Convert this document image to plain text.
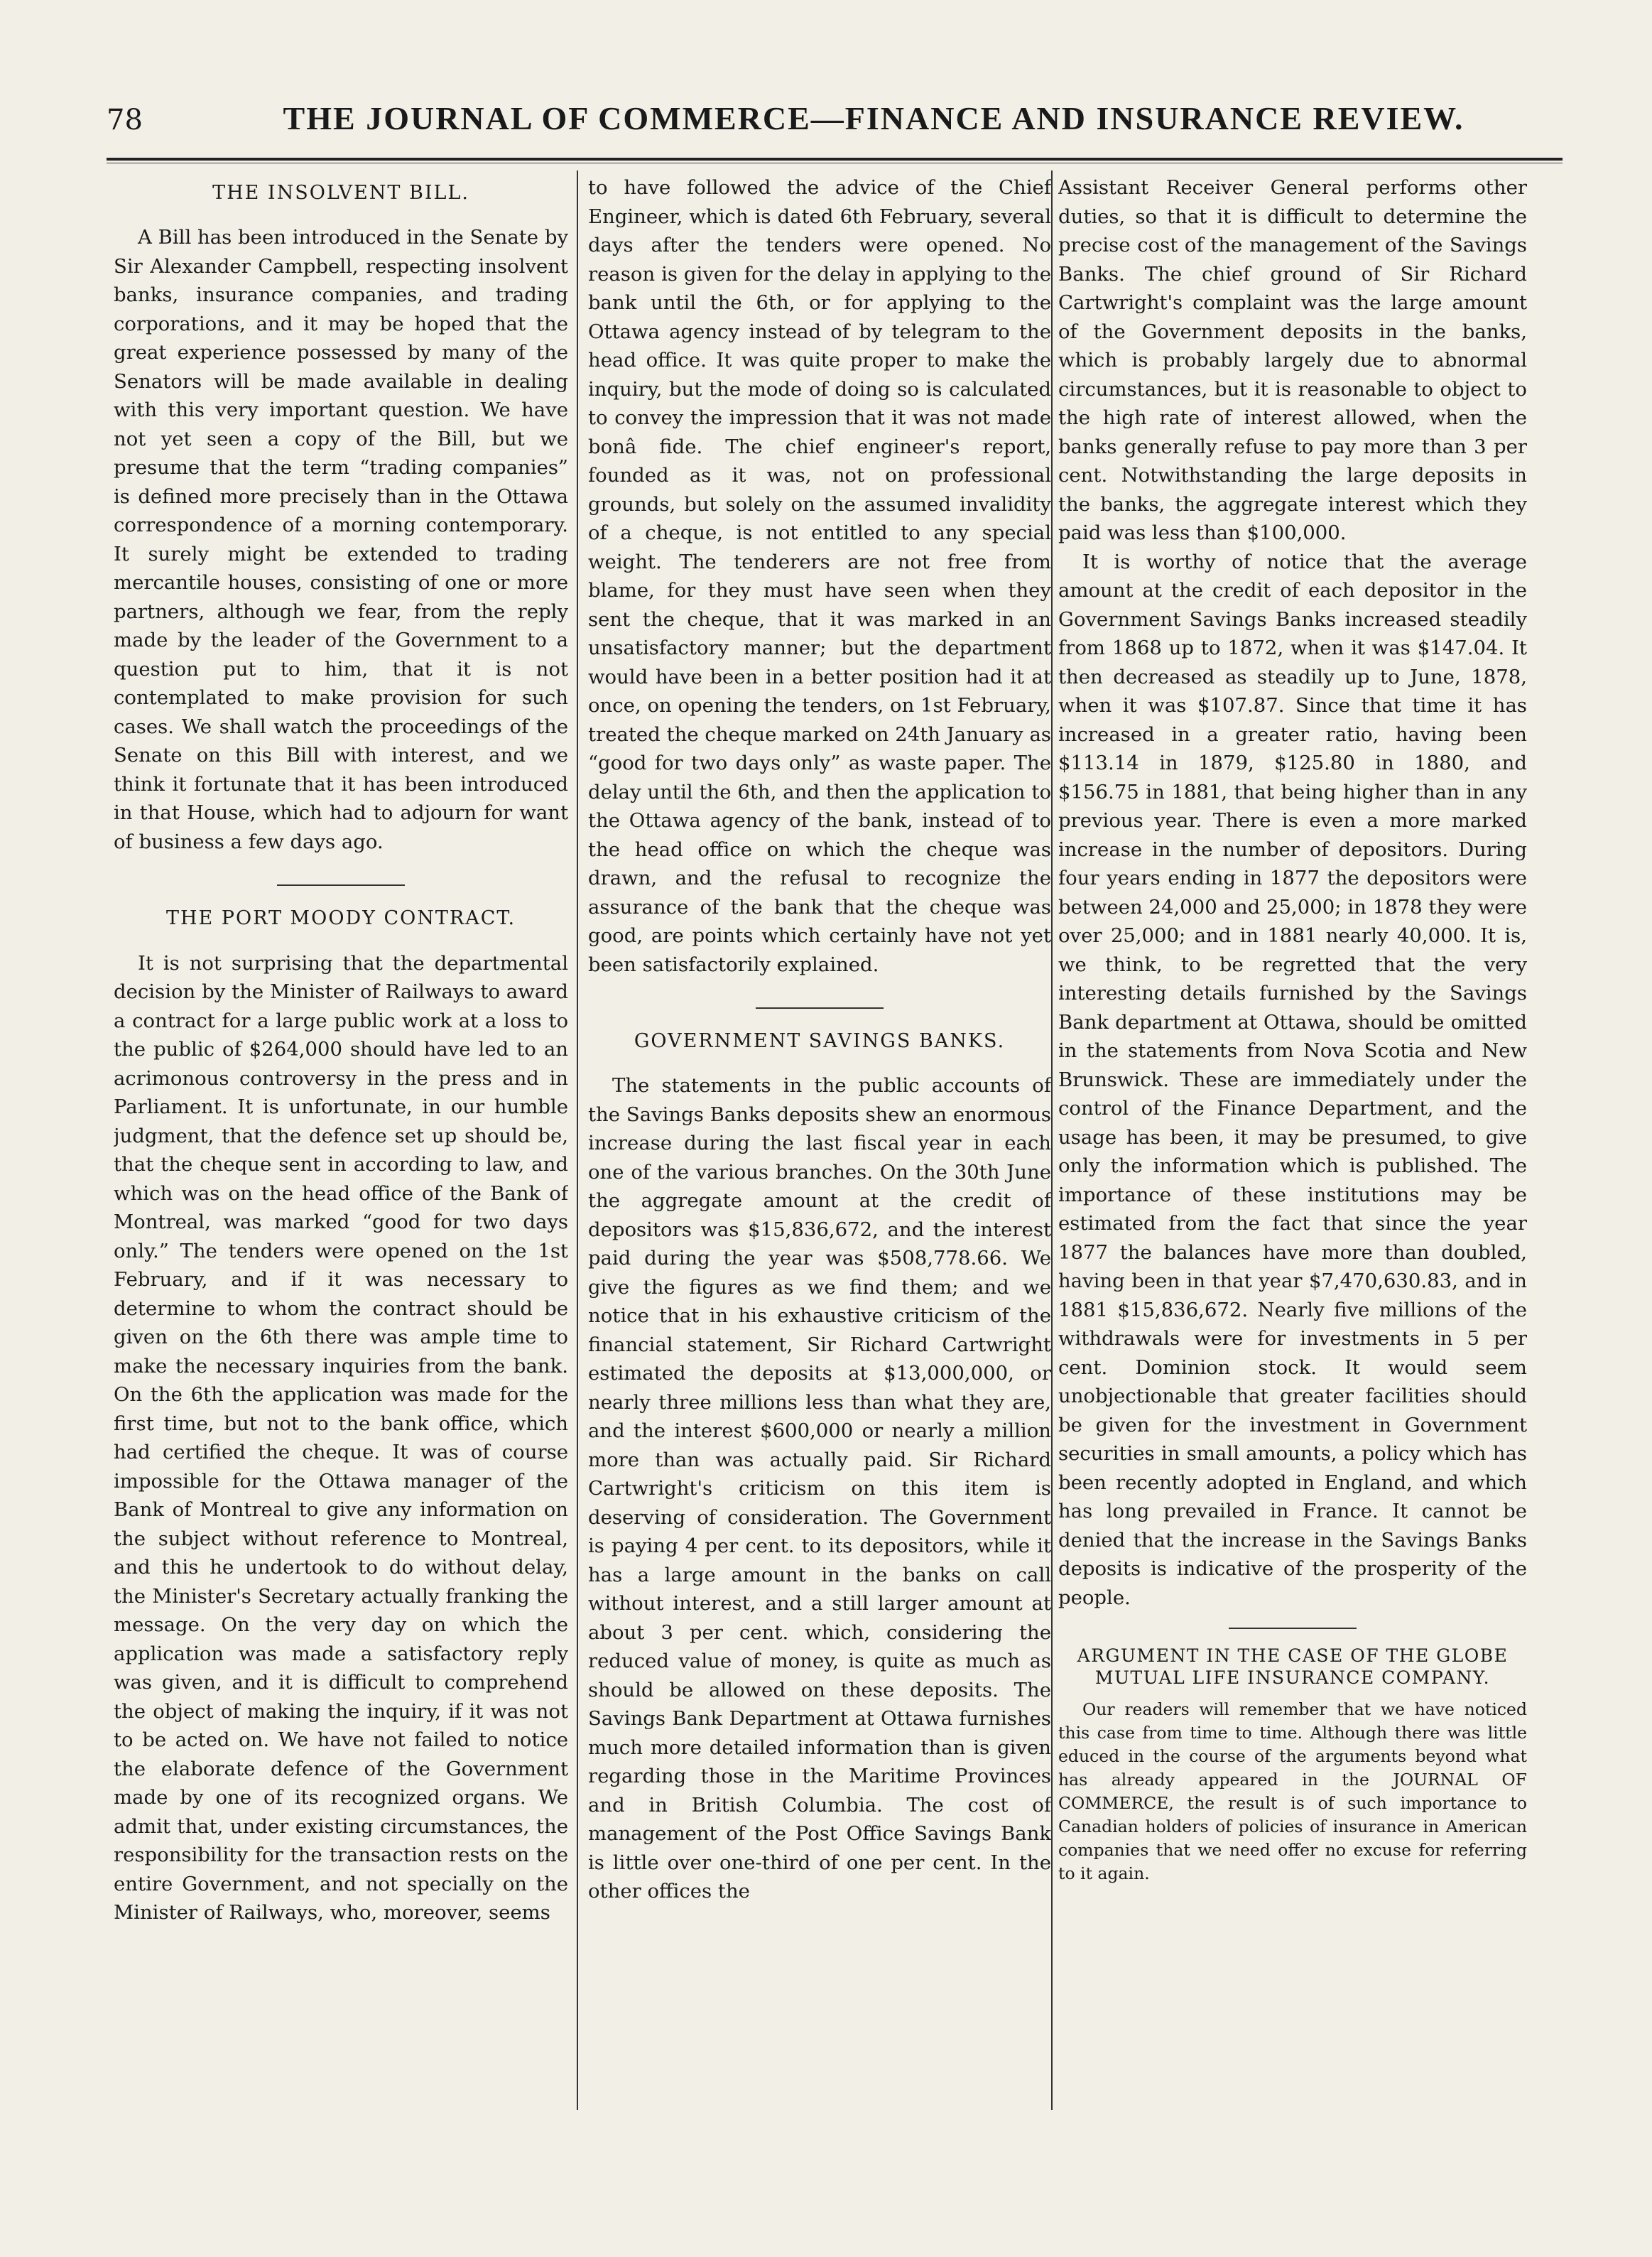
78	THE JOURNAL OF COMMERCE—FINANCE AND INSURANCE REVIEW.
THE INSOLVENT BILL.

A Bill has been introduced in the Senate by Sir Alexander Campbell, respecting insolvent banks, insurance companies, and trading corporations, and it may be hoped that the great experience possessed by many of the Senators will be made available in dealing with this very important question. We have not yet seen a copy of the Bill, but we presume that the term “trading companies” is defined more precisely than in the Ottawa correspondence of a morning contemporary. It surely might be extended to trading mercantile houses, consisting of one or more partners, although we fear, from the reply made by the leader of the Government to a question put to him, that it is not contemplated to make provision for such cases. We shall watch the proceedings of the Senate on this Bill with interest, and we think it fortunate that it has been introduced in that House, which had to adjourn for want of business a few days ago.

THE PORT MOODY CONTRACT.

It is not surprising that the departmental decision by the Minister of Railways to award a contract for a large public work at a loss to the public of $264,000 should have led to an acrimonous controversy in the press and in Parliament. It is unfortunate, in our humble judgment, that the defence set up should be, that the cheque sent in according to law, and which was on the head office of the Bank of Montreal, was marked “good for two days only.” The tenders were opened on the 1st February, and if it was necessary to determine to whom the contract should be given on the 6th there was ample time to make the necessary inquiries from the bank. On the 6th the application was made for the first time, but not to the bank office, which had certified the cheque. It was of course impossible for the Ottawa manager of the Bank of Montreal to give any information on the subject without reference to Montreal, and this he undertook to do without delay, the Minister's Secretary actually franking the message. On the very day on which the application was made a satisfactory reply was given, and it is difficult to comprehend the object of making the inquiry, if it was not to be acted on. We have not failed to notice the elaborate defence of the Government made by one of its recognized organs. We admit that, under existing circumstances, the responsibility for the transaction rests on the entire Government, and not specially on the Minister of Railways, who, moreover, seems

to have followed the advice of the Chief Engineer, which is dated 6th February, several days after the tenders were opened. No reason is given for the delay in applying to the bank until the 6th, or for applying to the Ottawa agency instead of by telegram to the head office. It was quite proper to make the inquiry, but the mode of doing so is calculated to convey the impression that it was not made bonâ fide. The chief engineer's report, founded as it was, not on professional grounds, but solely on the assumed invalidity of a cheque, is not entitled to any special weight. The tenderers are not free from blame, for they must have seen when they sent the cheque, that it was marked in an unsatisfactory manner; but the department would have been in a better position had it at once, on opening the tenders, on 1st February, treated the cheque marked on 24th January as “good for two days only” as waste paper. The delay until the 6th, and then the application to the Ottawa agency of the bank, instead of to the head office on which the cheque was drawn, and the refusal to recognize the assurance of the bank that the cheque was good, are points which certainly have not yet been satisfactorily explained.

GOVERNMENT SAVINGS BANKS.

The statements in the public accounts of the Savings Banks deposits shew an enormous increase during the last fiscal year in each one of the various branches. On the 30th June the aggregate amount at the credit of depositors was $15,836,672, and the interest paid during the year was $508,778.66. We give the figures as we find them; and we notice that in his exhaustive criticism of the financial statement, Sir Richard Cartwright estimated the deposits at $13,000,000, or nearly three millions less than what they are, and the interest $600,000 or nearly a million more than was actually paid. Sir Richard Cartwright's criticism on this item is deserving of consideration. The Government is paying 4 per cent. to its depositors, while it has a large amount in the banks on call without interest, and a still larger amount at about 3 per cent. which, considering the reduced value of money, is quite as much as should be allowed on these deposits. The Savings Bank Department at Ottawa furnishes much more detailed information than is given regarding those in the Maritime Provinces and in British Columbia. The cost of management of the Post Office Savings Bank is little over one-third of one per cent. In the other offices the

Assistant Receiver General performs other duties, so that it is difficult to determine the precise cost of the management of the Savings Banks. The chief ground of Sir Richard Cartwright's complaint was the large amount of the Government deposits in the banks, which is probably largely due to abnormal circumstances, but it is reasonable to object to the high rate of interest allowed, when the banks generally refuse to pay more than 3 per cent. Notwithstanding the large deposits in the banks, the aggregate interest which they paid was less than $100,000.

It is worthy of notice that the average amount at the credit of each depositor in the Government Savings Banks increased steadily from 1868 up to 1872, when it was $147.04. It then decreased as steadily up to June, 1878, when it was $107.87. Since that time it has increased in a greater ratio, having been $113.14 in 1879, $125.80 in 1880, and $156.75 in 1881, that being higher than in any previous year. There is even a more marked increase in the number of depositors. During four years ending in 1877 the depositors were between 24,000 and 25,000; in 1878 they were over 25,000; and in 1881 nearly 40,000. It is, we think, to be regretted that the very interesting details furnished by the Savings Bank department at Ottawa, should be omitted in the statements from Nova Scotia and New Brunswick. These are immediately under the control of the Finance Department, and the usage has been, it may be presumed, to give only the information which is published. The importance of these institutions may be estimated from the fact that since the year 1877 the balances have more than doubled, having been in that year $7,470,630.83, and in 1881 $15,836,672. Nearly five millions of the withdrawals were for investments in 5 per cent. Dominion stock. It would seem unobjectionable that greater facilities should be given for the investment in Government securities in small amounts, a policy which has been recently adopted in England, and which has long prevailed in France. It cannot be denied that the increase in the Savings Banks deposits is indicative of the prosperity of the people.

ARGUMENT IN THE CASE OF THE GLOBE MUTUAL LIFE INSURANCE COMPANY.

Our readers will remember that we have noticed this case from time to time. Although there was little educed in the course of the arguments beyond what has already appeared in the JOURNAL OF COMMERCE, the result is of such importance to Canadian holders of policies of insurance in American companies that we need offer no excuse for referring to it again.
